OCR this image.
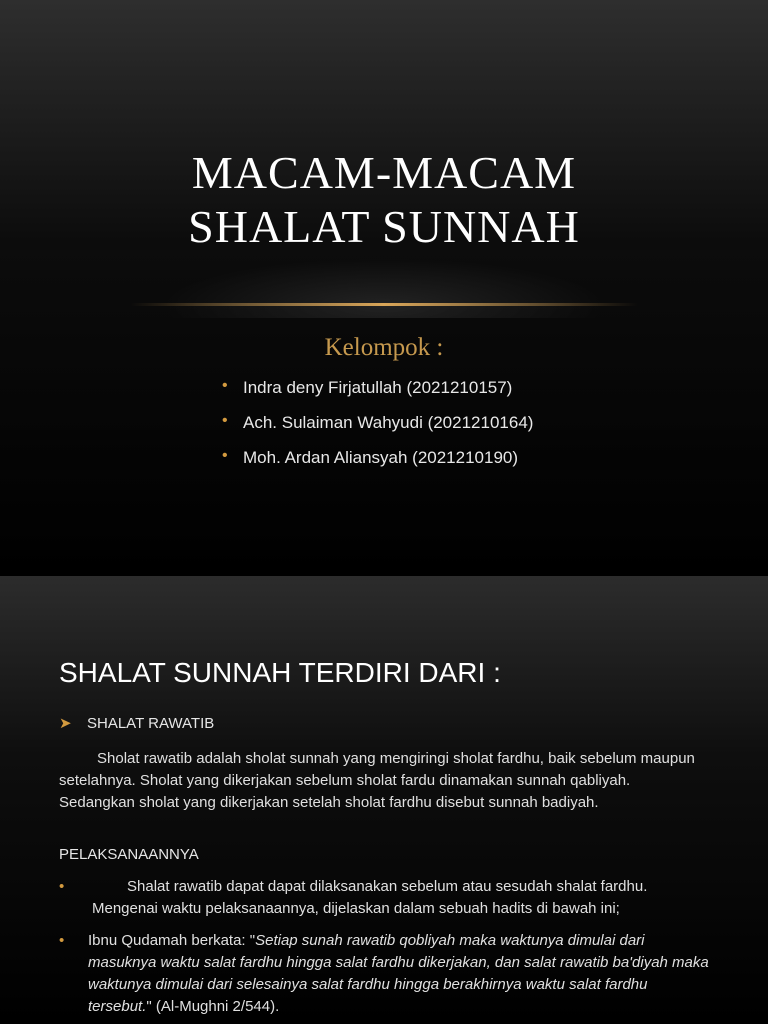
MACAM-MACAM
SHALAT SUNNAH
Kelompok :
• Indra deny Firjatullah (2021210157)
• Ach. Sulaiman Wahyudi (2021210164)
• Moh. Ardan Aliansyah (2021210190)
SHALAT SUNNAH TERDIRI DARI :
➤ SHALAT RAWATIB

Sholat rawatib adalah sholat sunnah yang mengiringi sholat fardhu, baik sebelum maupun setelahnya. Sholat yang dikerjakan sebelum sholat fardu dinamakan sunnah qabliyah. Sedangkan sholat yang dikerjakan setelah sholat fardhu disebut sunnah badiyah.

PELAKSANAANNYA
•	Shalat rawatib dapat dapat dilaksanakan sebelum atau sesudah shalat fardhu.
Mengenai waktu pelaksanaannya, dijelaskan dalam sebuah hadits di bawah ini;
•	Ibnu Qudamah berkata: "Setiap sunah rawatib qobliyah maka waktunya dimulai dari masuknya waktu salat fardhu hingga salat fardhu dikerjakan, dan salat rawatib ba'diyah maka waktunya dimulai dari selesainya salat fardhu hingga berakhirnya waktu salat fardhu tersebut." (Al-Mughni 2/544).
